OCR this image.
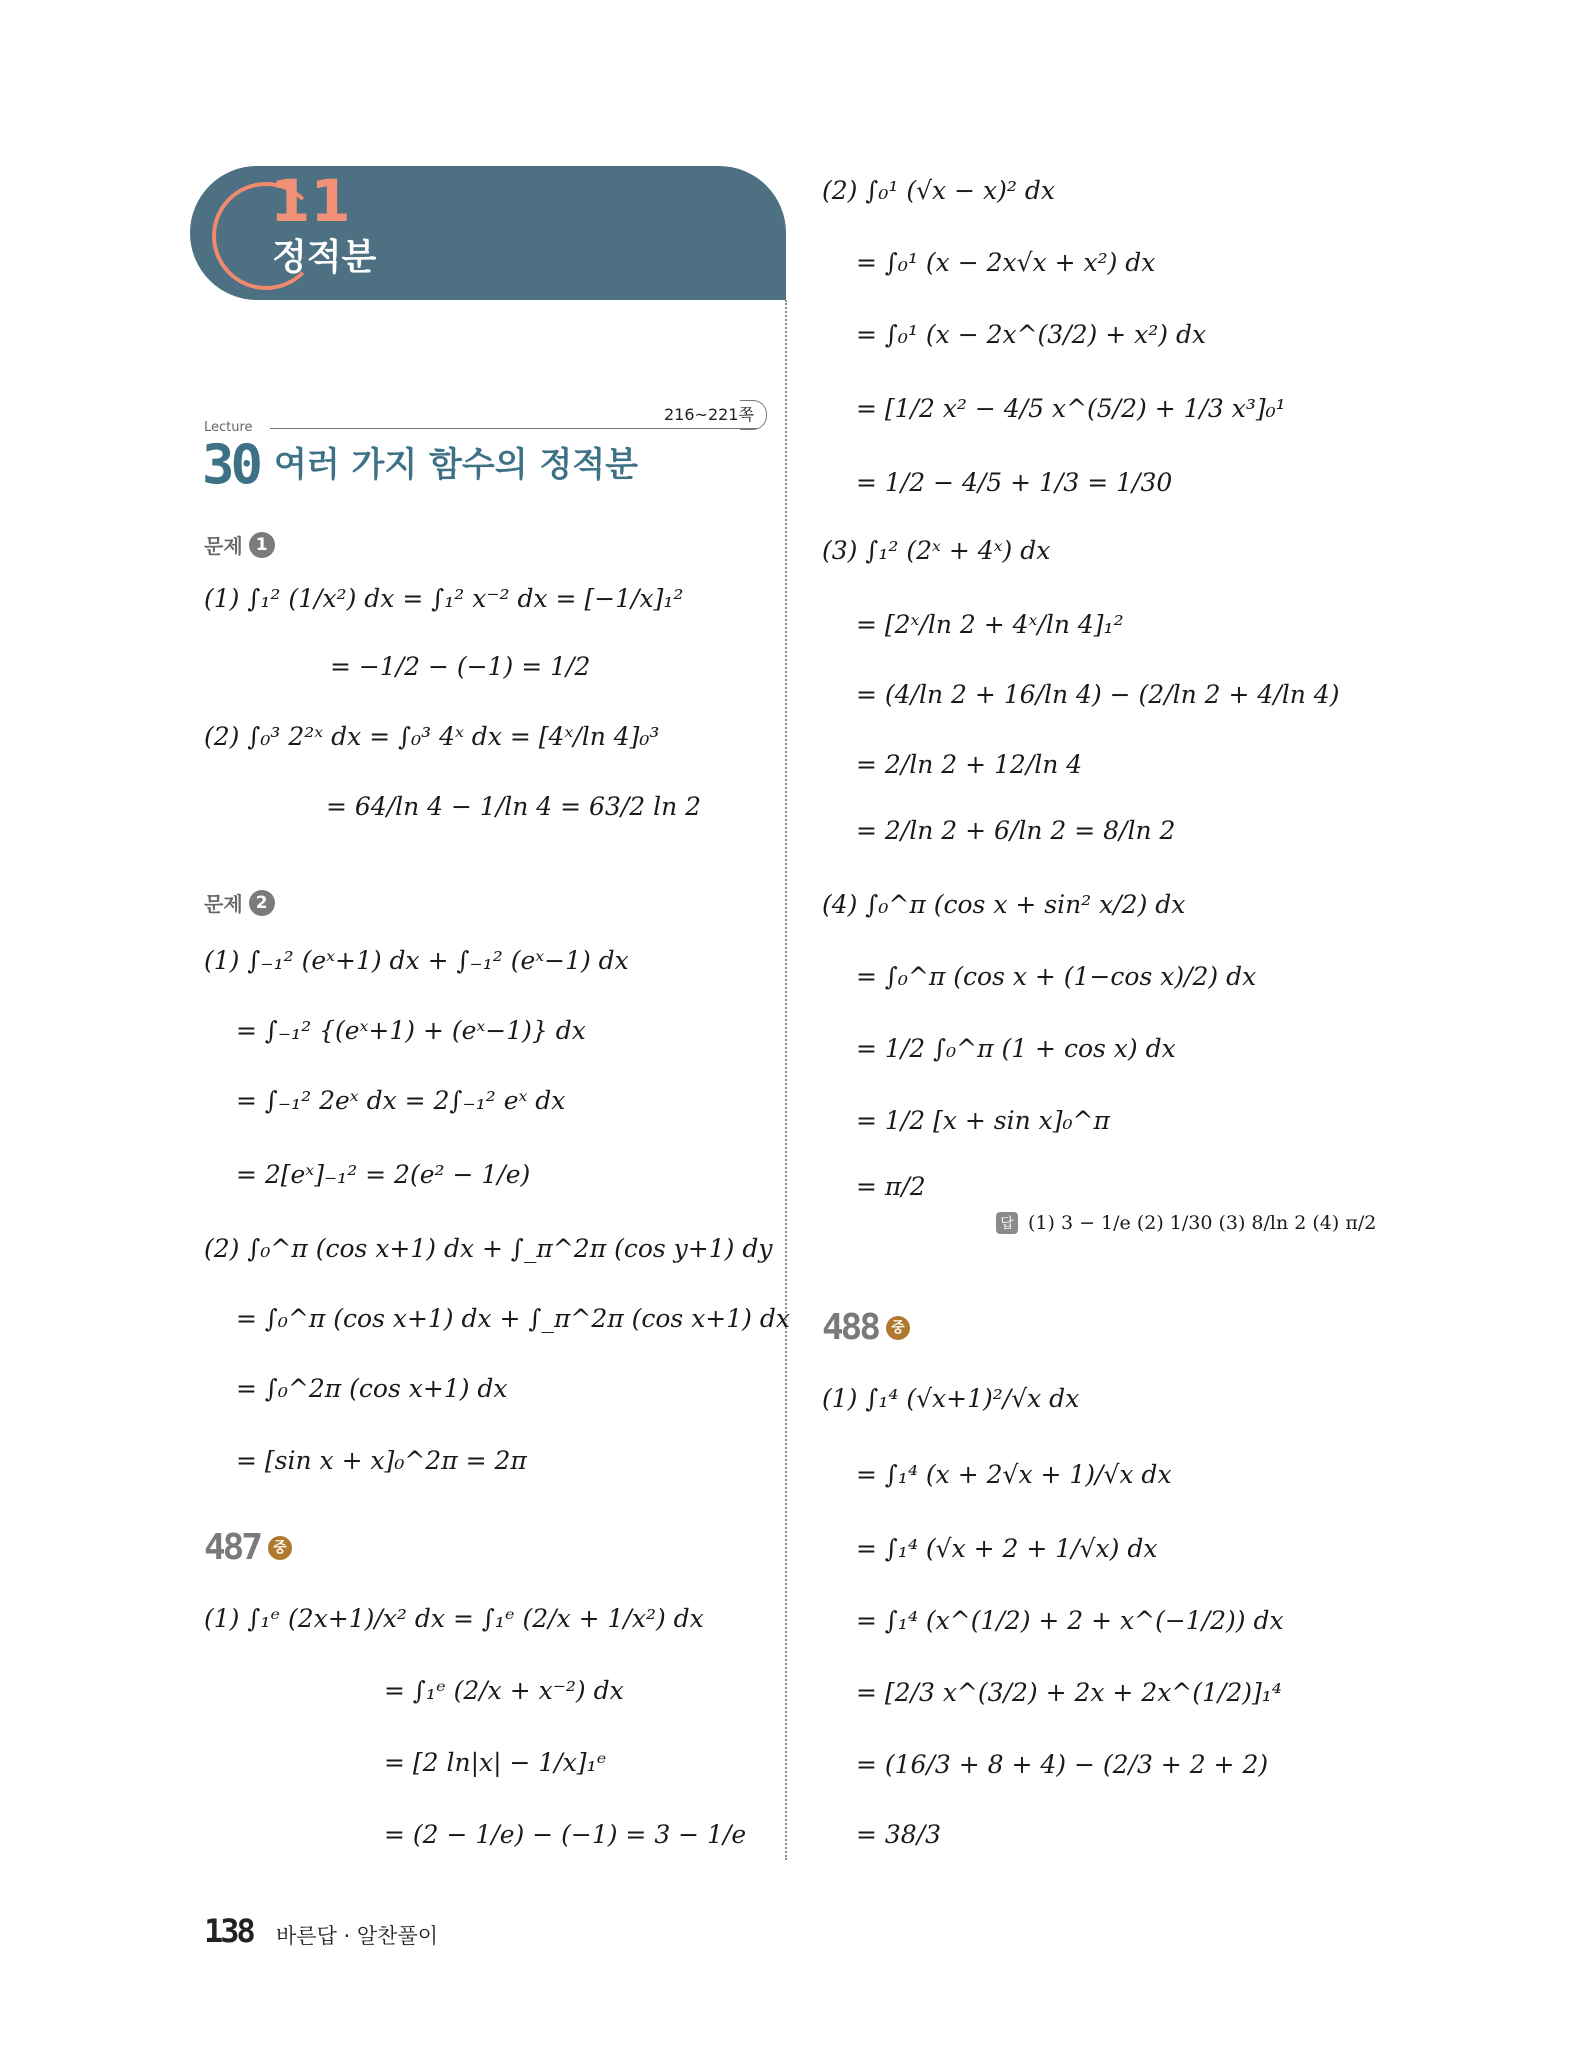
11
정적분
Lecture
216~221쪽
30 여러 가지 함수의 정적분
문제 1
(1) ∫₁² (1/x²) dx = ∫₁² x⁻² dx = [−1/x]₁²
= −1/2 − (−1) = 1/2
(2) ∫₀³ 2²ˣ dx = ∫₀³ 4ˣ dx = [4ˣ/ln 4]₀³
= 64/ln 4 − 1/ln 4 = 63/2 ln 2
문제 2
(1) ∫₋₁² (eˣ+1) dx + ∫₋₁² (eˣ−1) dx
= ∫₋₁² {(eˣ+1) + (eˣ−1)} dx
= ∫₋₁² 2eˣ dx = 2∫₋₁² eˣ dx
= 2[eˣ]₋₁² = 2(e² − 1/e)
(2) ∫₀^π (cos x+1) dx + ∫_π^2π (cos y+1) dy
= ∫₀^π (cos x+1) dx + ∫_π^2π (cos x+1) dx
= ∫₀^2π (cos x+1) dx
= [sin x + x]₀^2π = 2π
487 중
(1) ∫₁ᵉ (2x+1)/x² dx = ∫₁ᵉ (2/x + 1/x²) dx
= ∫₁ᵉ (2/x + x⁻²) dx
= [2 ln|x| − 1/x]₁ᵉ
= (2 − 1/e) − (−1) = 3 − 1/e
(2) ∫₀¹ (√x − x)² dx
= ∫₀¹ (x − 2x√x + x²) dx
= ∫₀¹ (x − 2x^(3/2) + x²) dx
= [1/2 x² − 4/5 x^(5/2) + 1/3 x³]₀¹
= 1/2 − 4/5 + 1/3 = 1/30
(3) ∫₁² (2ˣ + 4ˣ) dx
= [2ˣ/ln 2 + 4ˣ/ln 4]₁²
= (4/ln 2 + 16/ln 4) − (2/ln 2 + 4/ln 4)
= 2/ln 2 + 12/ln 4
= 2/ln 2 + 6/ln 2 = 8/ln 2
(4) ∫₀^π (cos x + sin² x/2) dx
= ∫₀^π (cos x + (1−cos x)/2) dx
= 1/2 ∫₀^π (1 + cos x) dx
= 1/2 [x + sin x]₀^π
= π/2
답 (1) 3 − 1/e (2) 1/30 (3) 8/ln 2 (4) π/2
488 중
(1) ∫₁⁴ (√x+1)²/√x dx
= ∫₁⁴ (x + 2√x + 1)/√x dx
= ∫₁⁴ (√x + 2 + 1/√x) dx
= ∫₁⁴ (x^(1/2) + 2 + x^(−1/2)) dx
= [2/3 x^(3/2) + 2x + 2x^(1/2)]₁⁴
= (16/3 + 8 + 4) − (2/3 + 2 + 2)
= 38/3
138 바른답 · 알찬풀이
